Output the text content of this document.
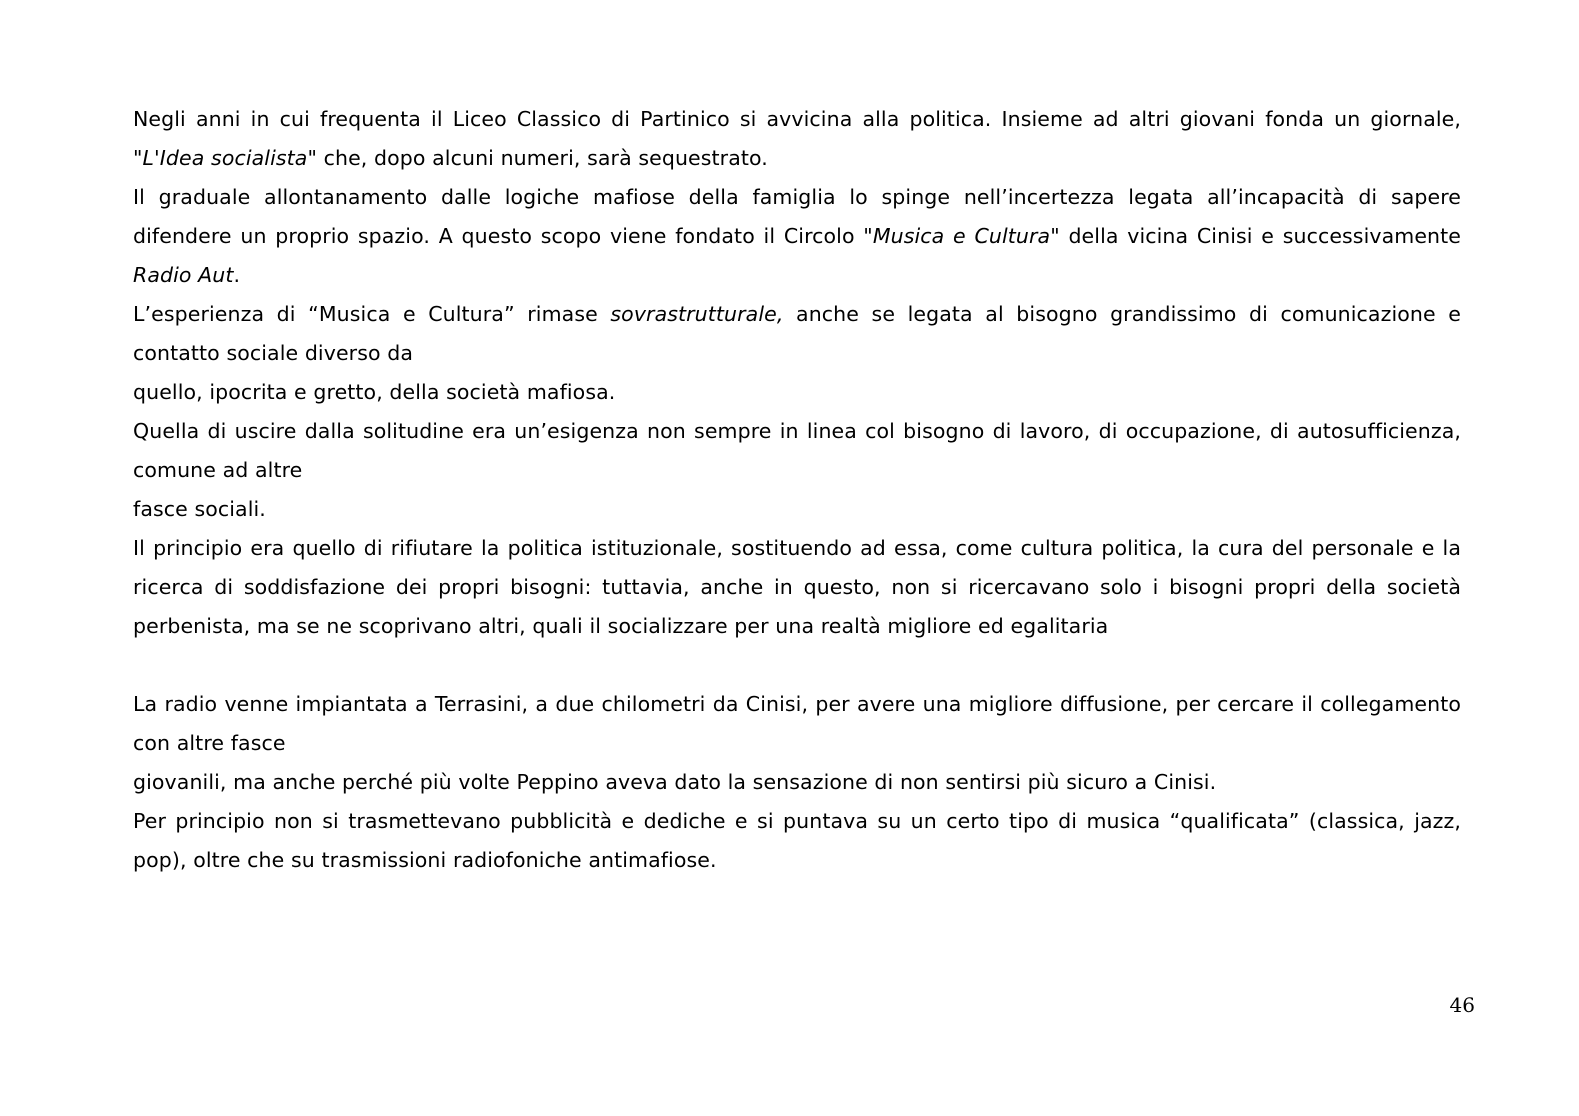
Negli anni in cui frequenta il Liceo Classico di Partinico si avvicina alla politica. Insieme ad altri giovani fonda un giornale, "L'Idea socialista" che, dopo alcuni numeri, sarà sequestrato.

Il graduale allontanamento dalle logiche mafiose della famiglia lo spinge nell’incertezza legata all’incapacità di sapere difendere un proprio spazio. A questo scopo viene fondato il Circolo "Musica e Cultura" della vicina Cinisi e successivamente Radio Aut.

L’esperienza di “Musica e Cultura” rimase sovrastrutturale, anche se legata al bisogno grandissimo di comunicazione e contatto sociale diverso da

quello, ipocrita e gretto, della società mafiosa.

Quella di uscire dalla solitudine era un’esigenza non sempre in linea col bisogno di lavoro, di occupazione, di autosufficienza, comune ad altre

fasce sociali.

Il principio era quello di rifiutare la politica istituzionale, sostituendo ad essa, come cultura politica, la cura del personale e la ricerca di soddisfazione dei propri bisogni: tuttavia, anche in questo, non si ricercavano solo i bisogni propri della società perbenista, ma se ne scoprivano altri, quali il socializzare per una realtà migliore ed egalitaria

La radio venne impiantata a Terrasini, a due chilometri da Cinisi, per avere una migliore diffusione, per cercare il collegamento con altre fasce

giovanili, ma anche perché più volte Peppino aveva dato la sensazione di non sentirsi più sicuro a Cinisi.

Per principio non si trasmettevano pubblicità e dediche e si puntava su un certo tipo di musica “qualificata” (classica, jazz, pop), oltre che su trasmissioni radiofoniche antimafiose.

46
